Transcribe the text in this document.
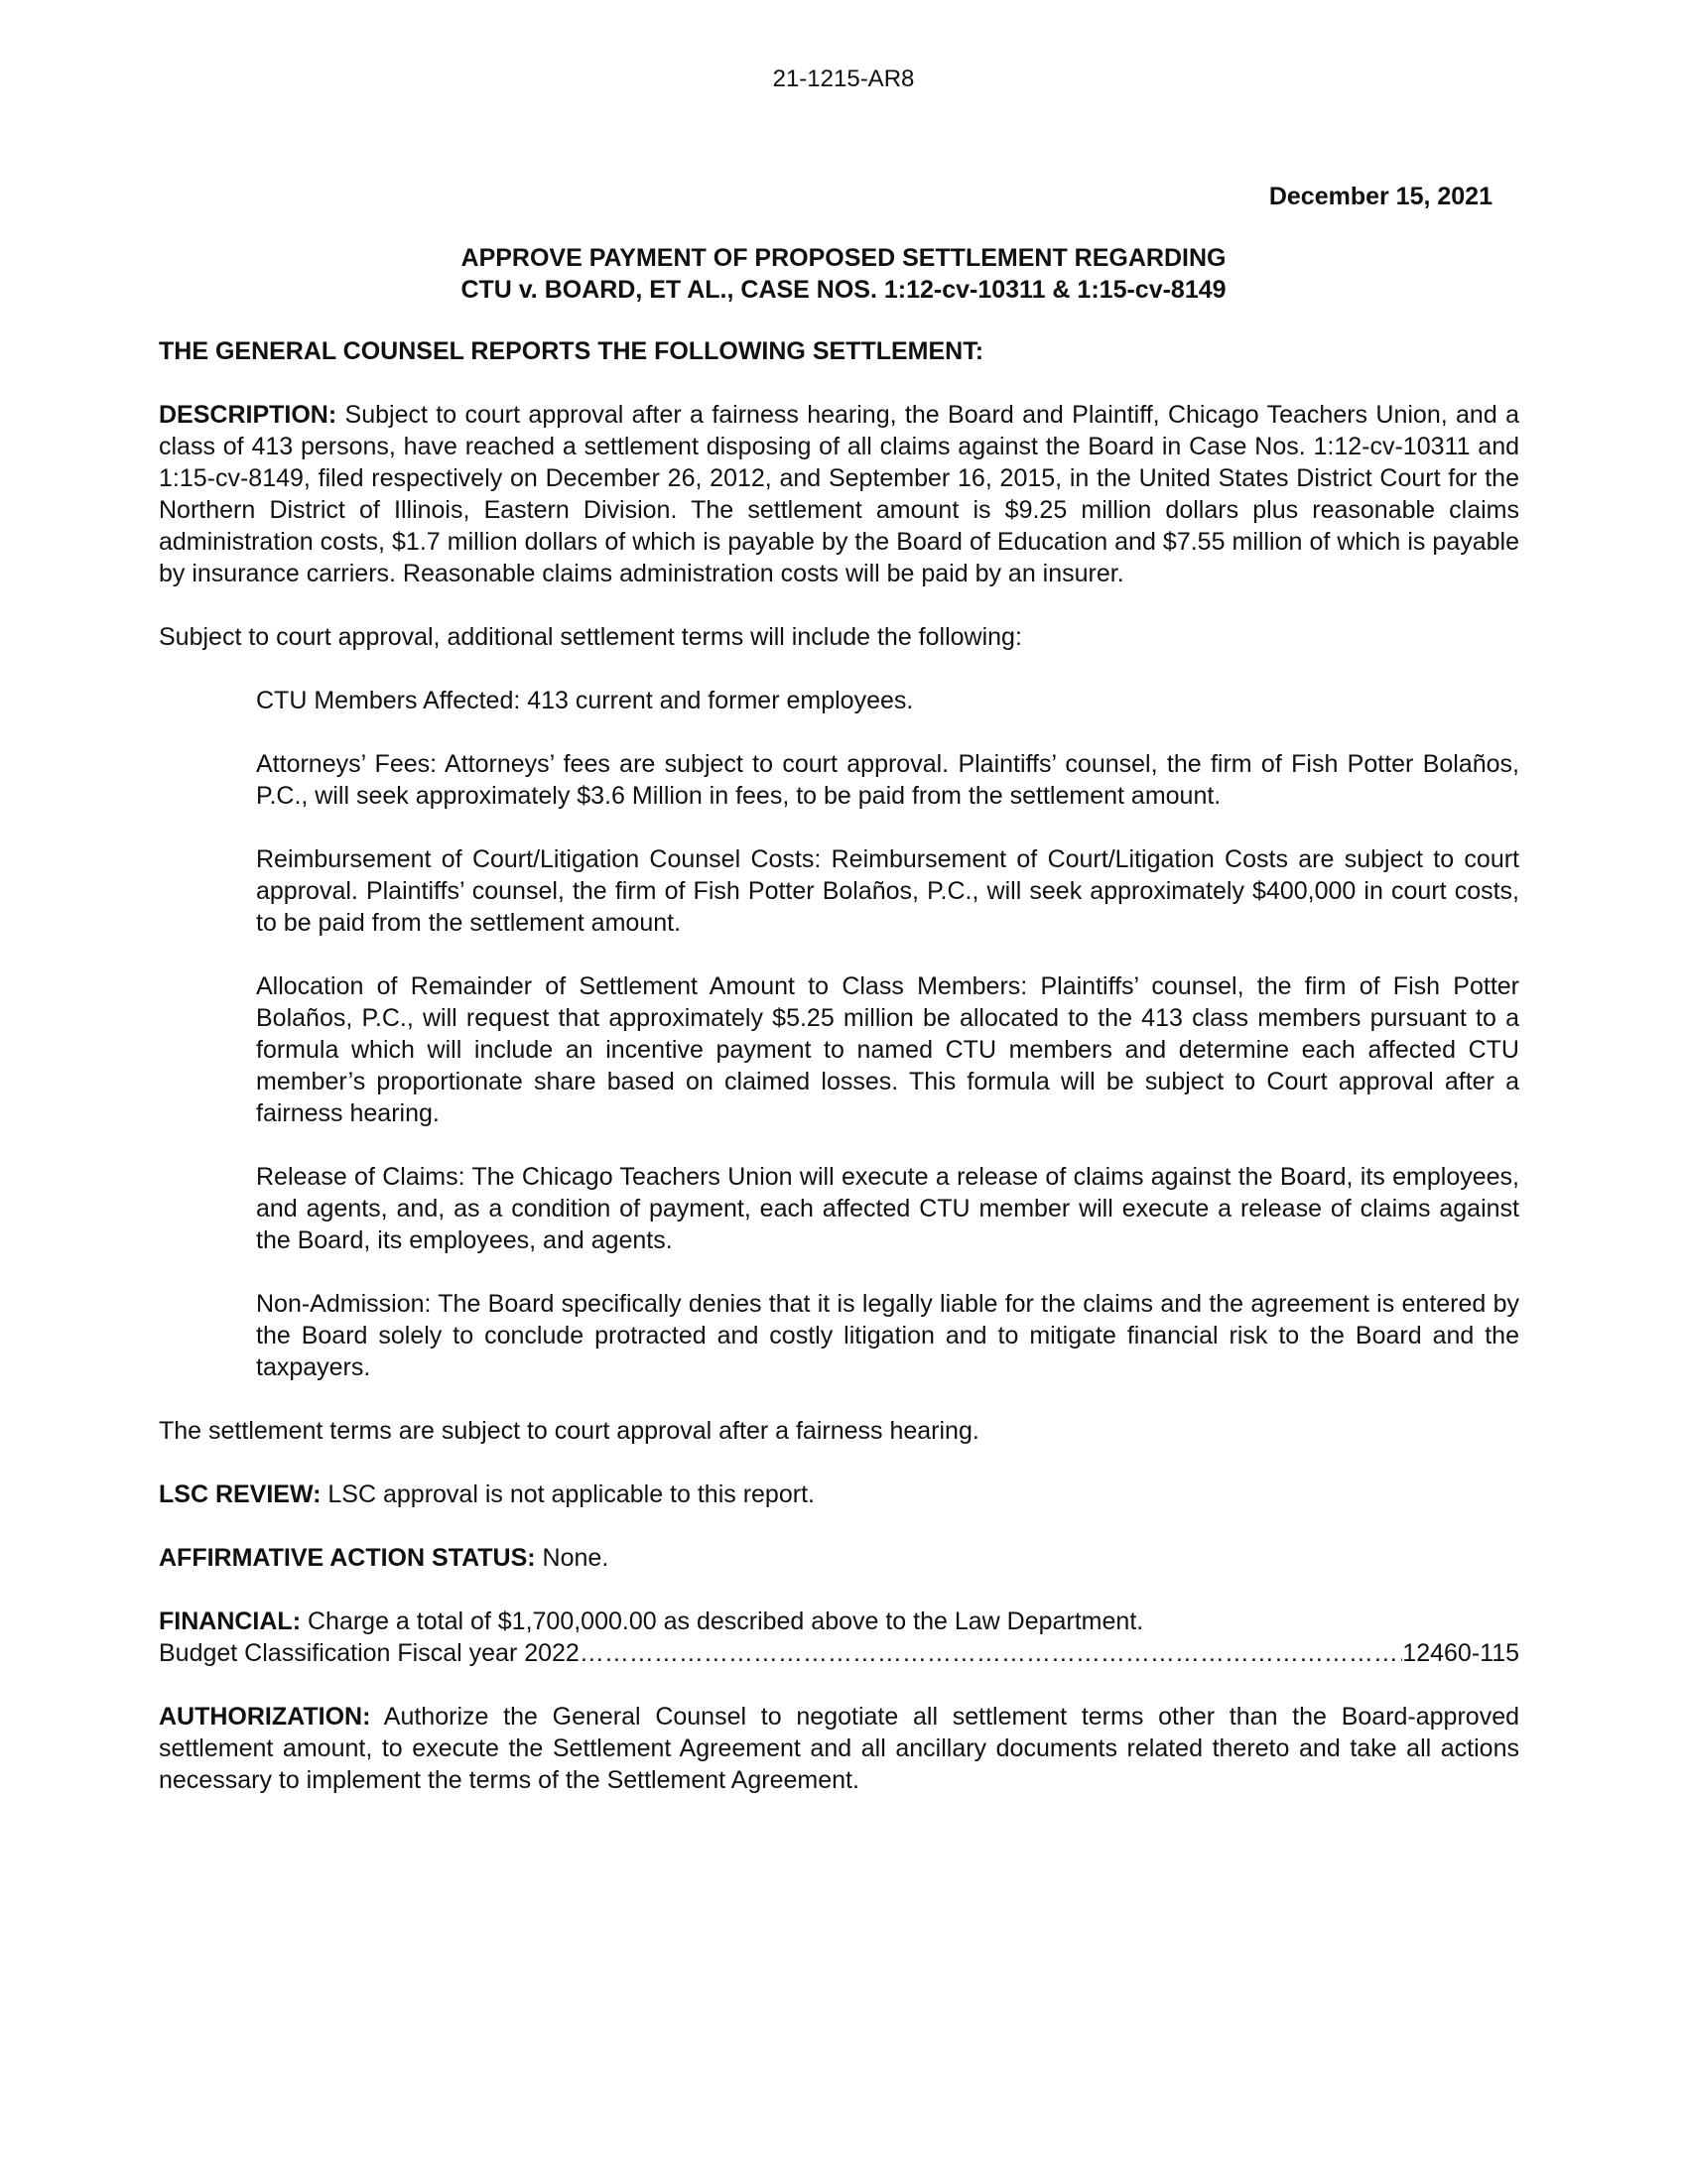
21-1215-AR8
December 15, 2021
APPROVE PAYMENT OF PROPOSED SETTLEMENT REGARDING
CTU v. BOARD, ET AL., CASE NOS. 1:12-cv-10311 & 1:15-cv-8149

THE GENERAL COUNSEL REPORTS THE FOLLOWING SETTLEMENT:

DESCRIPTION: Subject to court approval after a fairness hearing, the Board and Plaintiff, Chicago Teachers Union, and a class of 413 persons, have reached a settlement disposing of all claims against the Board in Case Nos. 1:12-cv-10311 and 1:15-cv-8149, filed respectively on December 26, 2012, and September 16, 2015, in the United States District Court for the Northern District of Illinois, Eastern Division. The settlement amount is $9.25 million dollars plus reasonable claims administration costs, $1.7 million dollars of which is payable by the Board of Education and $7.55 million of which is payable by insurance carriers. Reasonable claims administration costs will be paid by an insurer.

Subject to court approval, additional settlement terms will include the following:

CTU Members Affected: 413 current and former employees.

Attorneys’ Fees: Attorneys’ fees are subject to court approval. Plaintiffs’ counsel, the firm of Fish Potter Bolaños, P.C., will seek approximately $3.6 Million in fees, to be paid from the settlement amount.

Reimbursement of Court/Litigation Counsel Costs: Reimbursement of Court/Litigation Costs are subject to court approval. Plaintiffs’ counsel, the firm of Fish Potter Bolaños, P.C., will seek approximately $400,000 in court costs, to be paid from the settlement amount.

Allocation of Remainder of Settlement Amount to Class Members: Plaintiffs’ counsel, the firm of Fish Potter Bolaños, P.C., will request that approximately $5.25 million be allocated to the 413 class members pursuant to a formula which will include an incentive payment to named CTU members and determine each affected CTU member’s proportionate share based on claimed losses. This formula will be subject to Court approval after a fairness hearing.

Release of Claims: The Chicago Teachers Union will execute a release of claims against the Board, its employees, and agents, and, as a condition of payment, each affected CTU member will execute a release of claims against the Board, its employees, and agents.

Non-Admission: The Board specifically denies that it is legally liable for the claims and the agreement is entered by the Board solely to conclude protracted and costly litigation and to mitigate financial risk to the Board and the taxpayers.

The settlement terms are subject to court approval after a fairness hearing.

LSC REVIEW: LSC approval is not applicable to this report.

AFFIRMATIVE ACTION STATUS: None.

FINANCIAL: Charge a total of $1,700,000.00 as described above to the Law Department.
Budget Classification Fiscal year 2022
…………………………………………………………………………………………………………………………………………………………………	12460-115

AUTHORIZATION: Authorize the General Counsel to negotiate all settlement terms other than the Board-approved settlement amount, to execute the Settlement Agreement and all ancillary documents related thereto and take all actions necessary to implement the terms of the Settlement Agreement.
